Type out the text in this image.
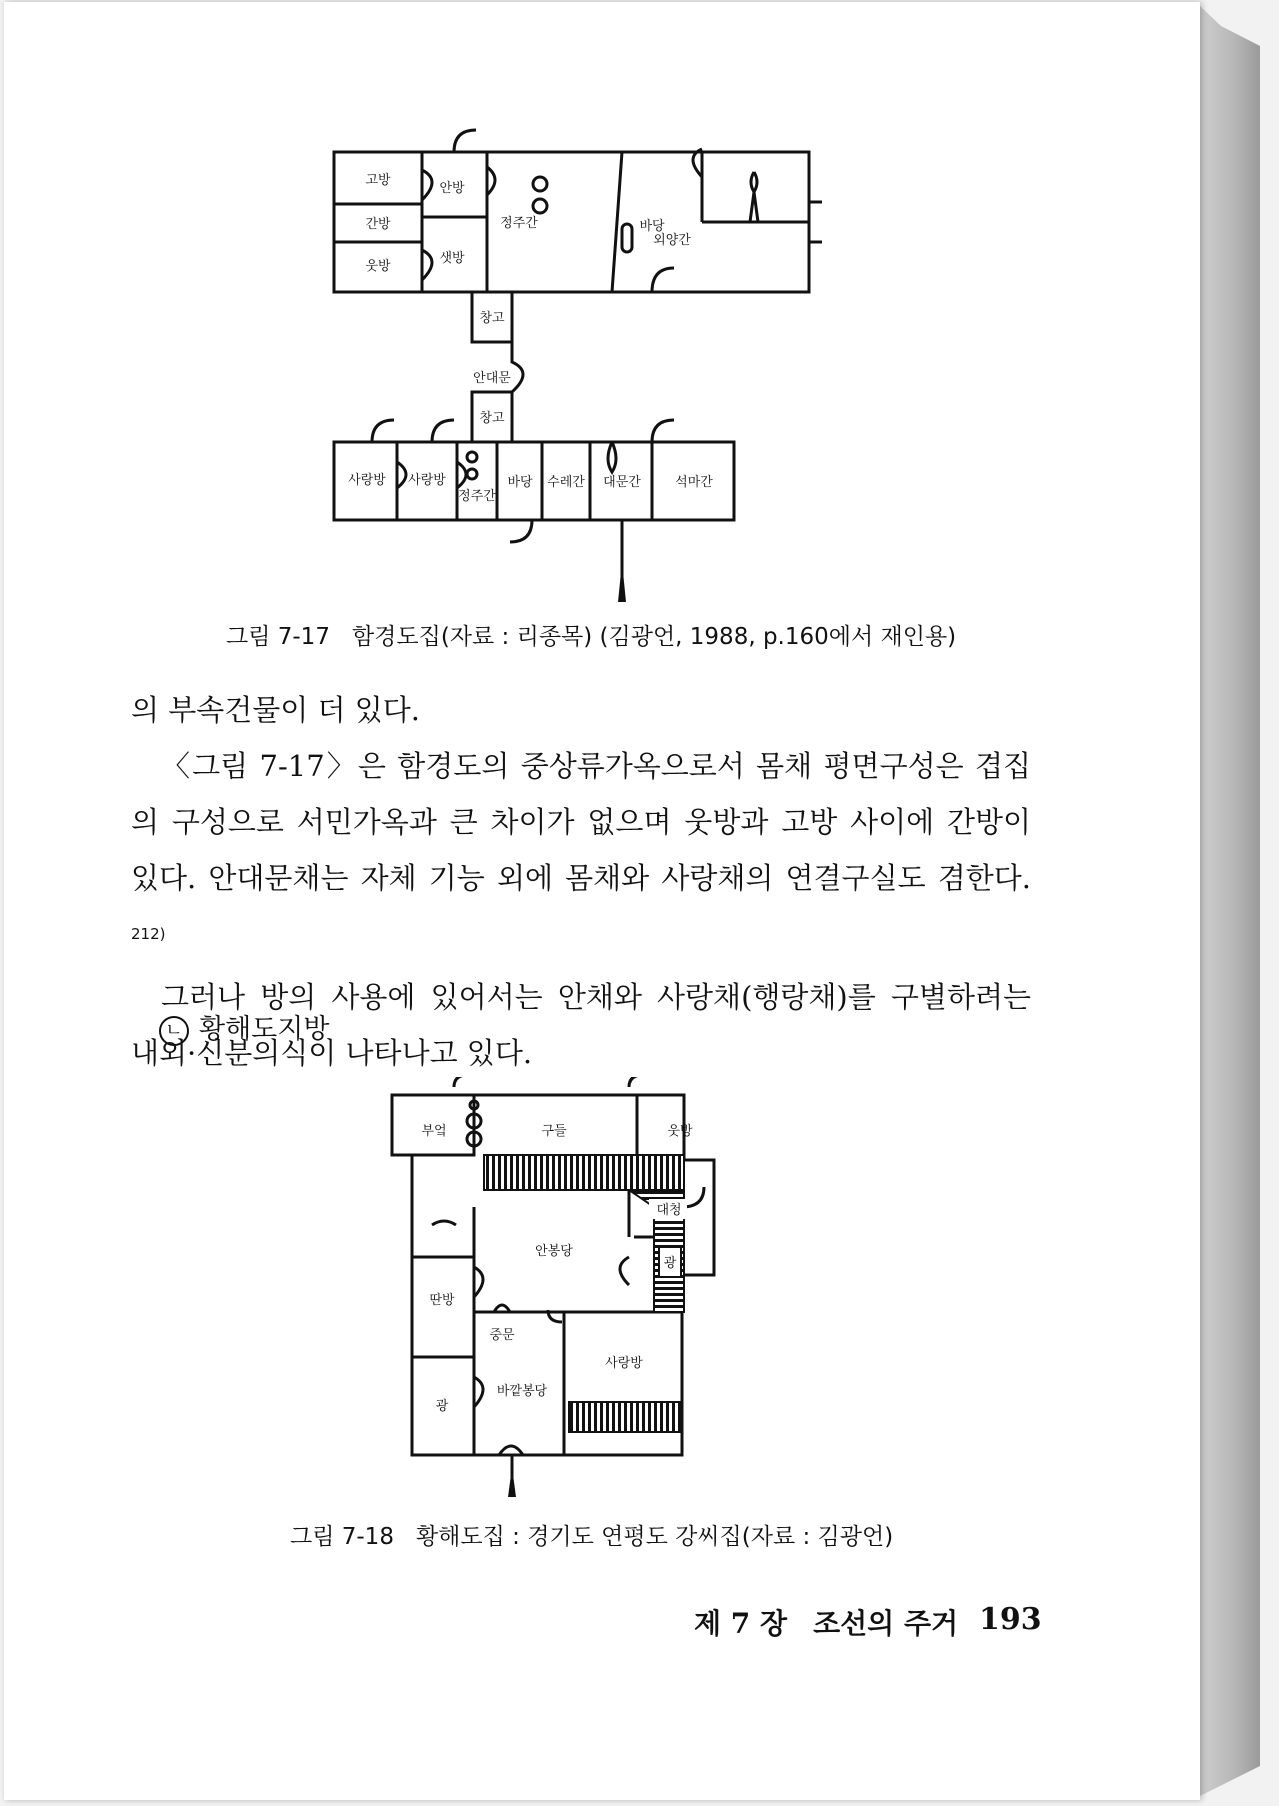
고방
안방
간방
웃방
샛방
정주간	바당
외양간
창고
안대문
창고
사랑방 사랑방
정주간
바당 수레간 대문간	석마간
그림 7-17 함경도집(자료 : 리종목) (김광언, 1988, p.160에서 재인용)

의 부속건물이 더 있다.

〈그림 7-17〉은 함경도의 중상류가옥으로서 몸채 평면구성은 겹집의 구성으로 서민가옥과 큰 차이가 없으며 웃방과 고방 사이에 간방이 있다. 안대문채는 자체 기능 외에 몸채와 사랑채의 연결구실도 겸한다. $^{212)}$

그러나 방의 사용에 있어서는 안채와 사랑채(행랑채)를 구별하려는 내외·신분의식이 나타나고 있다.

ㄴ 황해도지방
부엌	구들	웃방
대청
안봉당
광
딴방
중문
광
바깥봉당
사랑방
그림 7-18 황해도집 : 경기도 연평도 강씨집(자료 : 김광언)
제 7 장 조선의 주거 193
